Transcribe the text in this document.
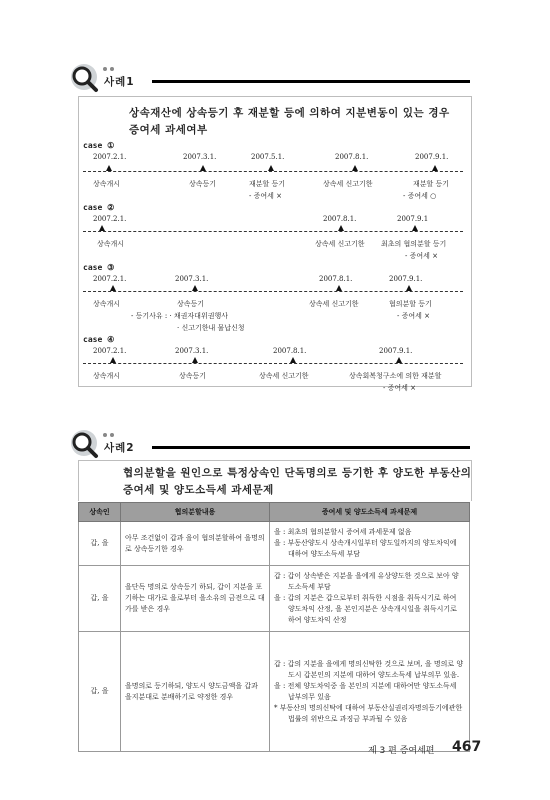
사례1
상속재산에 상속등기 후 재분할 등에 의하여 지분변동이 있는 경우 증여세 과세여부
case ①
2007.2.1.	2007.3.1.	2007.5.1.	2007.8.1.	2007.9.1.
상속개시	상속등기	재분할 등기	상속세 신고기한	재분할 등기
- 증여세 ×	- 증여세 ○
case ②
2007.2.1.	2007.8.1.	2007.9.1
상속개시	상속세 신고기한 최초의 협의분할 등기
- 증여세 ×
case ③
2007.2.1.	2007.3.1.	2007.8.1.	2007.9.1.
상속개시	상속등기	상속세 신고기한	협의분할 등기
- 등기사유 : · 채권자대위권행사
· 신고기한내 물납신청
- 증여세 ×
case ④
2007.2.1.	2007.3.1.	2007.8.1.	2007.9.1.
상속개시	상속등기	상속세 신고기한	상속회복청구소에 의한 재분할
- 증여세 ×
사례2
협의분할을 원인으로 특정상속인 단독명의로 등기한 후 양도한 부동산의
증여세 및 양도소득세 과세문제
상속인	협의분할내용	증여세 및 양도소득세 과세문제
갑, 을	아무 조건없이 갑과 을이 협의분할하여 을명의로 상속등기한 경우	을 : 최초의 협의분할시 증여세 과세문제 없음
을 : 부동산양도시 상속개시일부터 양도일까지의 양도차익에 대하여 양도소득세 부담

갑, 을	을단독 명의로 상속등기 하되, 갑이 지분을 포기하는 대가로 을로부터 을소유의 금전으로 대가를 받은 경우	갑 : 갑이 상속받은 지분을 을에게 유상양도한 것으로 보아 양도소득세 부담
을 : 갑의 지분은 갑으로부터 취득한 시점을 취득시기로 하여 양도차익 산정, 을 본인지분은 상속개시일을 취득시기로 하여 양도차익 산정

갑, 을	을명의로 등기하되, 양도시 양도금액을 갑과 을지분대로 분배하기로 약정한 경우	갑 : 갑의 지분을 을에게 명의신탁한 것으로 보며, 을 명의로 양도시 갑본인의 지분에 대하여 양도소득세 납부의무 있음.
을 : 전체 양도차익중 을 본인의 지분에 대하여만 양도소득세 납부의무 있음
* 부동산의 명의신탁에 대하여 부동산실권리자명의등기에관한법률의 위반으로 과징금 부과될 수 있음
제 3 편 증여세편 467
